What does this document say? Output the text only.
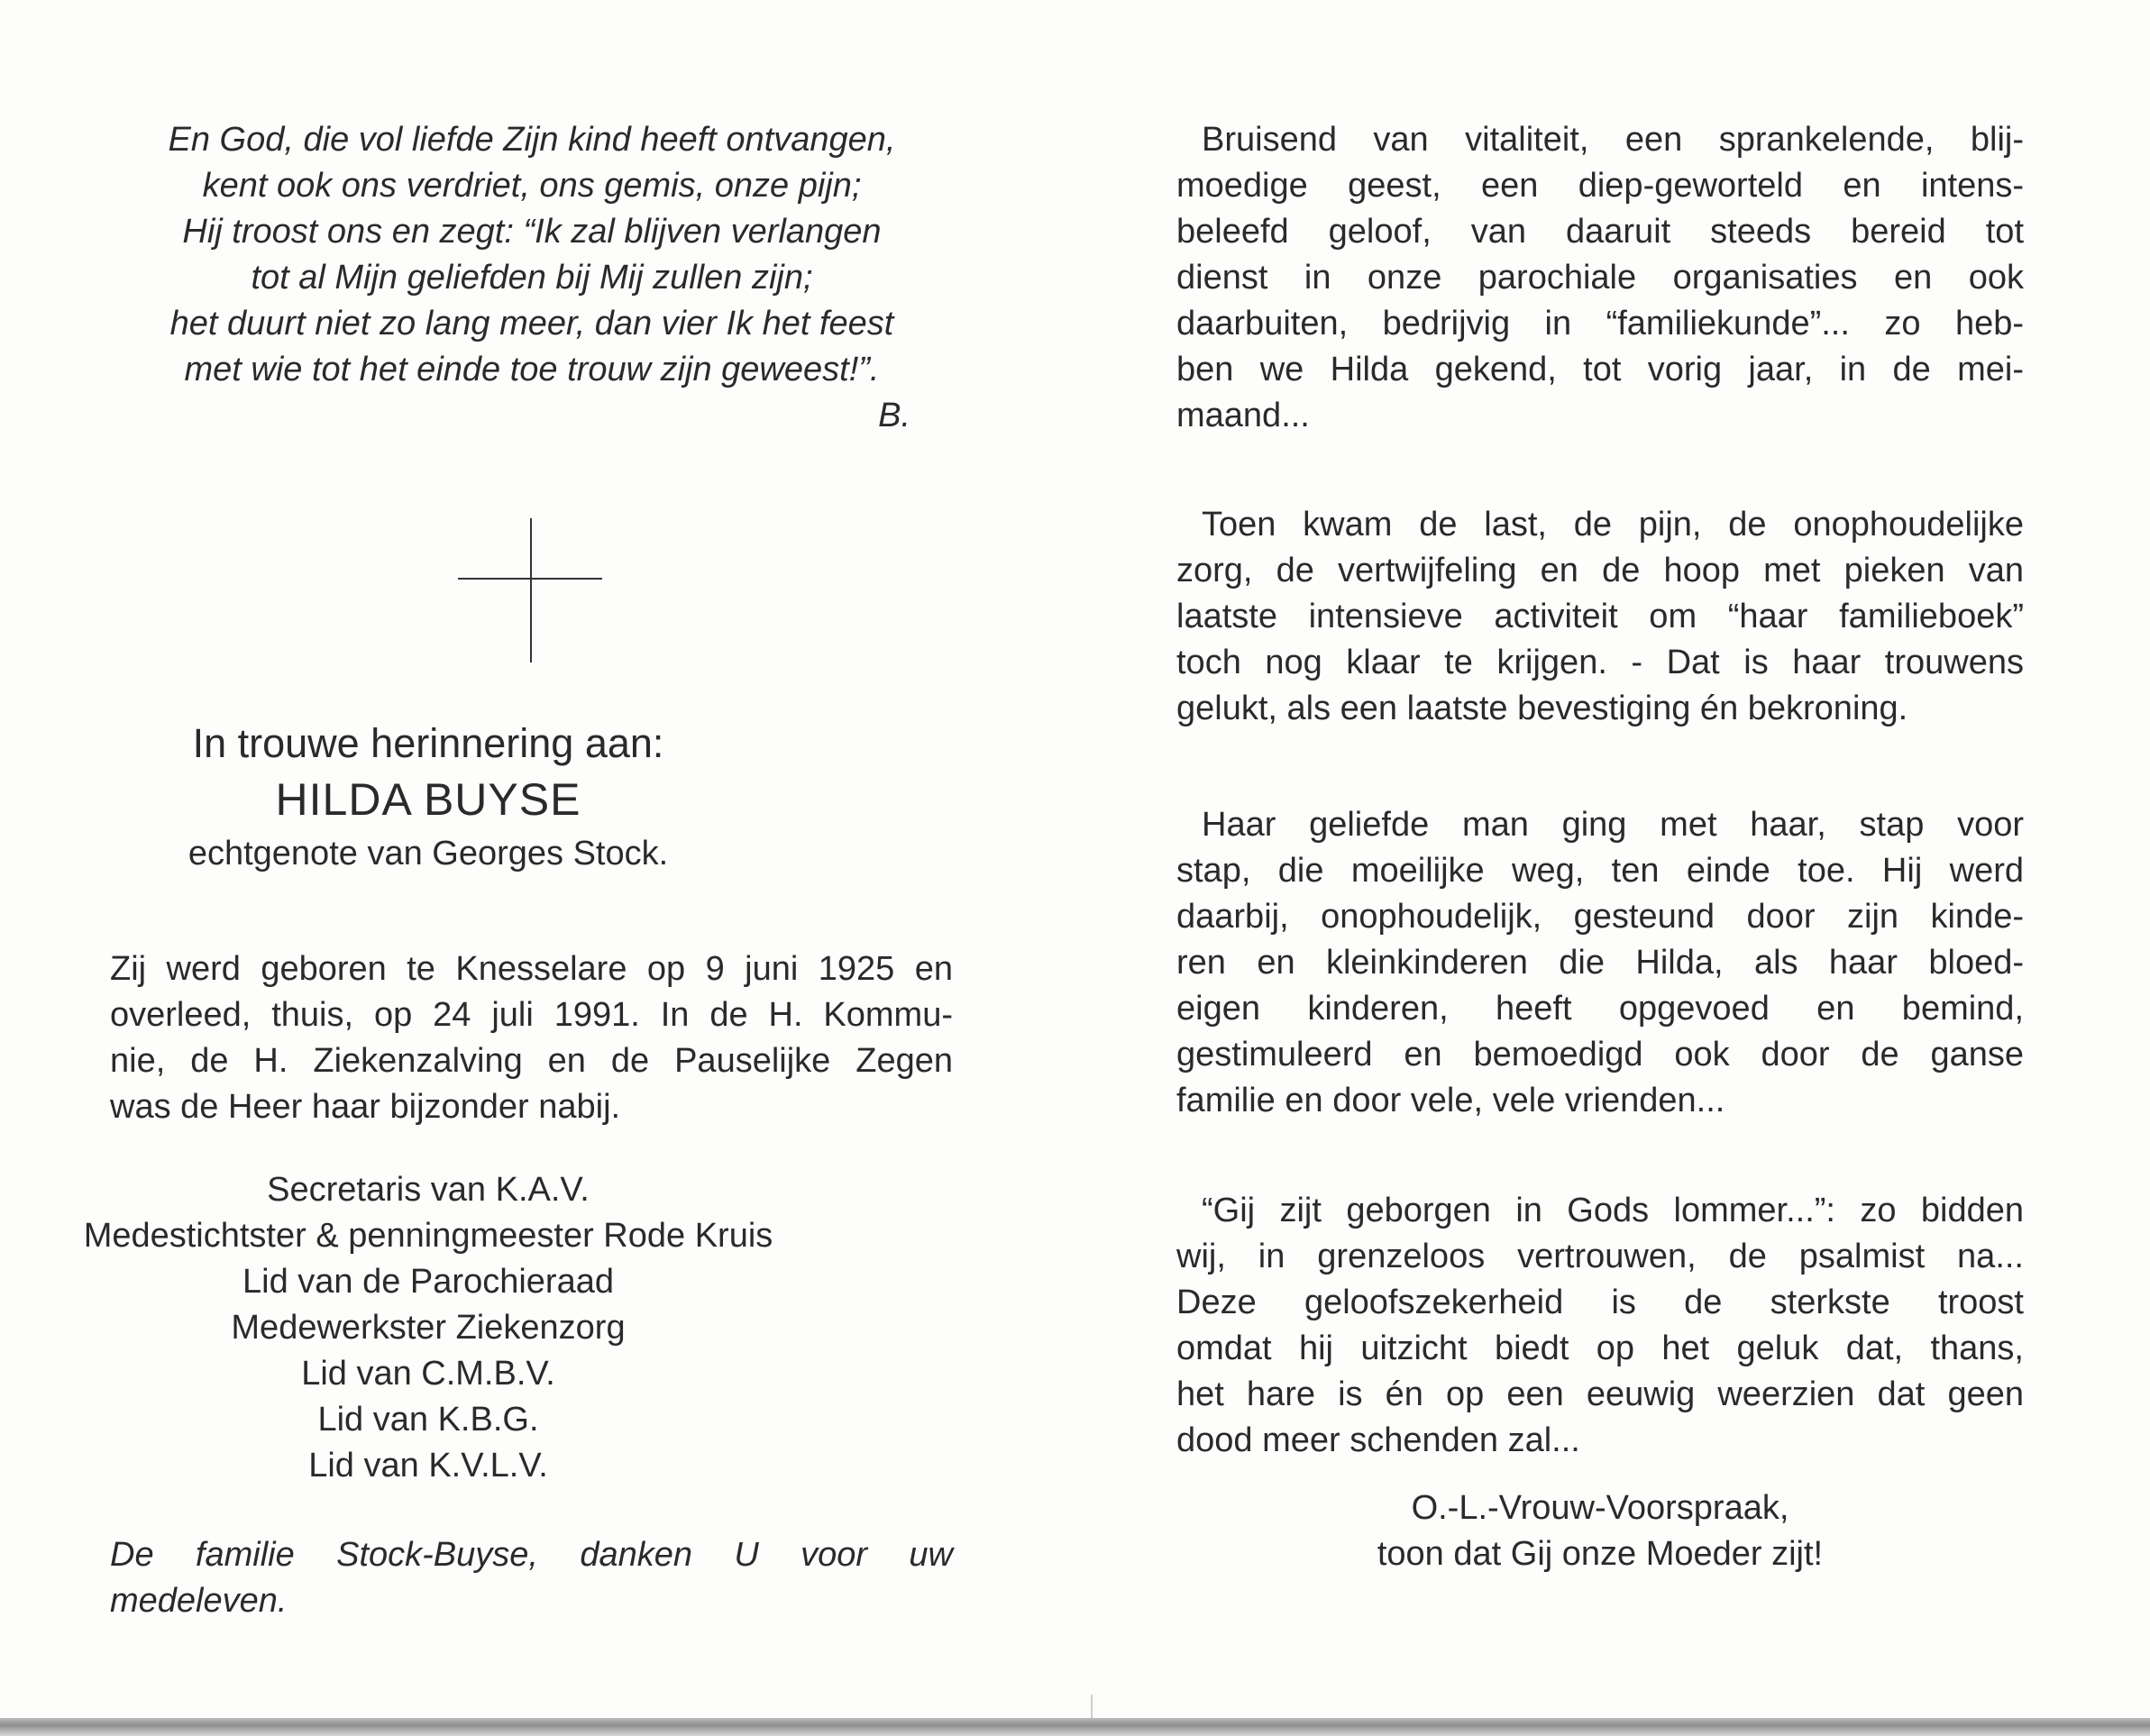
En God, die vol liefde Zijn kind heeft ontvangen,
kent ook ons verdriet, ons gemis, onze pijn;
Hij troost ons en zegt: “Ik zal blijven verlangen
tot al Mijn geliefden bij Mij zullen zijn;
het duurt niet zo lang meer, dan vier Ik het feest
met wie tot het einde toe trouw zijn geweest!”.
B.
In trouwe herinnering aan:
HILDA BUYSE
echtgenote van Georges Stock.
Zij werd geboren te Knesselare op 9 juni 1925 en
overleed, thuis, op 24 juli 1991. In de H. Kommu-
nie, de H. Ziekenzalving en de Pauselijke Zegen
was de Heer haar bijzonder nabij.
Secretaris van K.A.V.
Medestichtster & penningmeester Rode Kruis
Lid van de Parochieraad
Medewerkster Ziekenzorg
Lid van C.M.B.V.
Lid van K.B.G.
Lid van K.V.L.V.
De familie Stock-Buyse, danken U voor uw
medeleven.
Bruisend van vitaliteit, een sprankelende, blij-
moedige geest, een diep-geworteld en intens-
beleefd geloof, van daaruit steeds bereid tot
dienst in onze parochiale organisaties en ook
daarbuiten, bedrijvig in “familiekunde”... zo heb-
ben we Hilda gekend, tot vorig jaar, in de mei-
maand...
Toen kwam de last, de pijn, de onophoudelijke
zorg, de vertwijfeling en de hoop met pieken van
laatste intensieve activiteit om “haar familieboek”
toch nog klaar te krijgen. - Dat is haar trouwens
gelukt, als een laatste bevestiging én bekroning.
Haar geliefde man ging met haar, stap voor
stap, die moeilijke weg, ten einde toe. Hij werd
daarbij, onophoudelijk, gesteund door zijn kinde-
ren en kleinkinderen die Hilda, als haar bloed-
eigen kinderen, heeft opgevoed en bemind,
gestimuleerd en bemoedigd ook door de ganse
familie en door vele, vele vrienden...
“Gij zijt geborgen in Gods lommer...”: zo bidden
wij, in grenzeloos vertrouwen, de psalmist na...
Deze geloofszekerheid is de sterkste troost
omdat hij uitzicht biedt op het geluk dat, thans,
het hare is én op een eeuwig weerzien dat geen
dood meer schenden zal...
O.-L.-Vrouw-Voorspraak,
toon dat Gij onze Moeder zijt!
